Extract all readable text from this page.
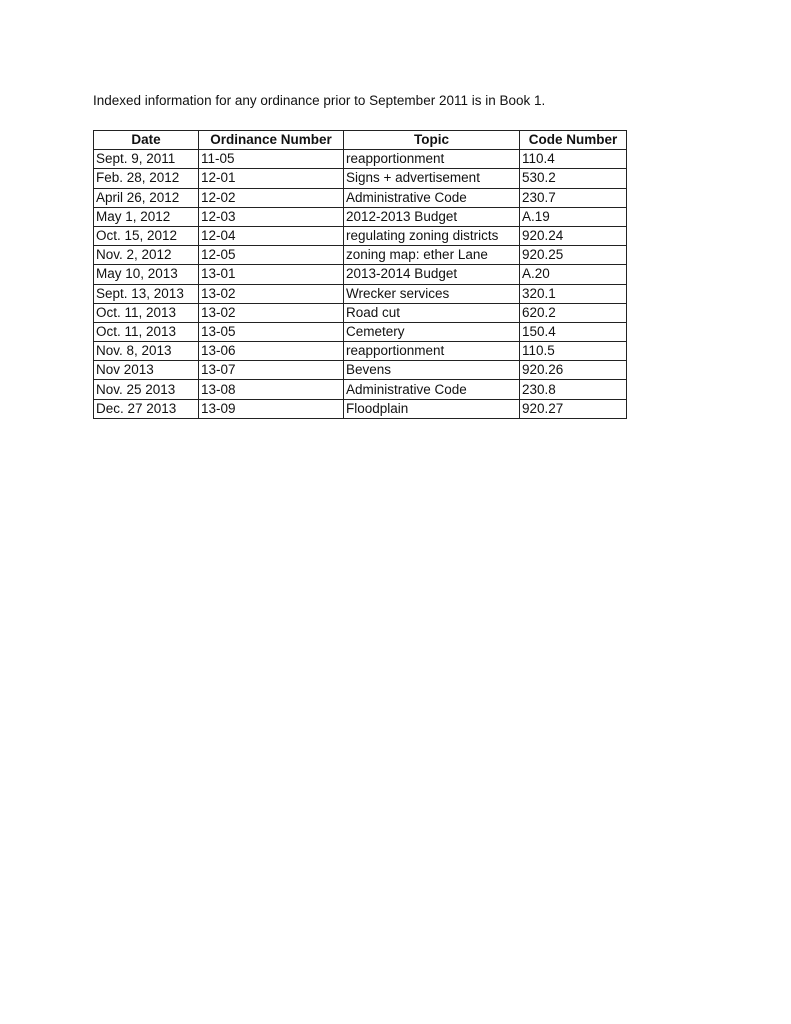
Indexed information for any ordinance prior to September 2011 is in Book 1.
Date	Ordinance Number	Topic	Code Number
Sept. 9, 2011	11-05	reapportionment	110.4
Feb. 28, 2012	12-01	Signs + advertisement	530.2
April 26, 2012	12-02	Administrative Code	230.7
May 1, 2012	12-03	2012-2013 Budget	A.19
Oct. 15, 2012	12-04	regulating zoning districts	920.24
Nov. 2, 2012	12-05	zoning map: ether Lane	920.25
May 10, 2013	13-01	2013-2014 Budget	A.20
Sept. 13, 2013	13-02	Wrecker services	320.1
Oct. 11, 2013	13-02	Road cut	620.2
Oct. 11, 2013	13-05	Cemetery	150.4
Nov. 8, 2013	13-06	reapportionment	110.5
Nov 2013	13-07	Bevens	920.26
Nov. 25 2013	13-08	Administrative Code	230.8
Dec. 27 2013	13-09	Floodplain	920.27
